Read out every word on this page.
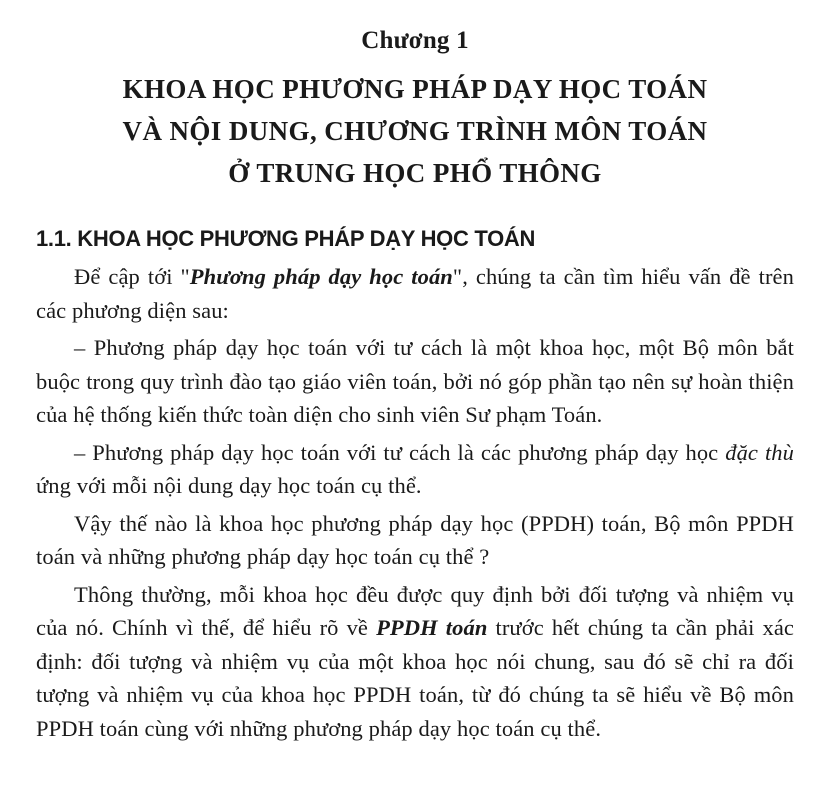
Chương 1

KHOA HỌC PHƯƠNG PHÁP DẠY HỌC TOÁN

VÀ NỘI DUNG, CHƯƠNG TRÌNH MÔN TOÁN

Ở TRUNG HỌC PHỔ THÔNG

1.1. KHOA HỌC PHƯƠNG PHÁP DẠY HỌC TOÁN

Để cập tới "Phương pháp dạy học toán", chúng ta cần tìm hiểu vấn đề trên các phương diện sau:

– Phương pháp dạy học toán với tư cách là một khoa học, một Bộ môn bắt buộc trong quy trình đào tạo giáo viên toán, bởi nó góp phần tạo nên sự hoàn thiện của hệ thống kiến thức toàn diện cho sinh viên Sư phạm Toán.

– Phương pháp dạy học toán với tư cách là các phương pháp dạy học đặc thù ứng với mỗi nội dung dạy học toán cụ thể.

Vậy thế nào là khoa học phương pháp dạy học (PPDH) toán, Bộ môn PPDH toán và những phương pháp dạy học toán cụ thể ?

Thông thường, mỗi khoa học đều được quy định bởi đối tượng và nhiệm vụ của nó. Chính vì thế, để hiểu rõ về PPDH toán trước hết chúng ta cần phải xác định: đối tượng và nhiệm vụ của một khoa học nói chung, sau đó sẽ chỉ ra đối tượng và nhiệm vụ của khoa học PPDH toán, từ đó chúng ta sẽ hiểu về Bộ môn PPDH toán cùng với những phương pháp dạy học toán cụ thể.
